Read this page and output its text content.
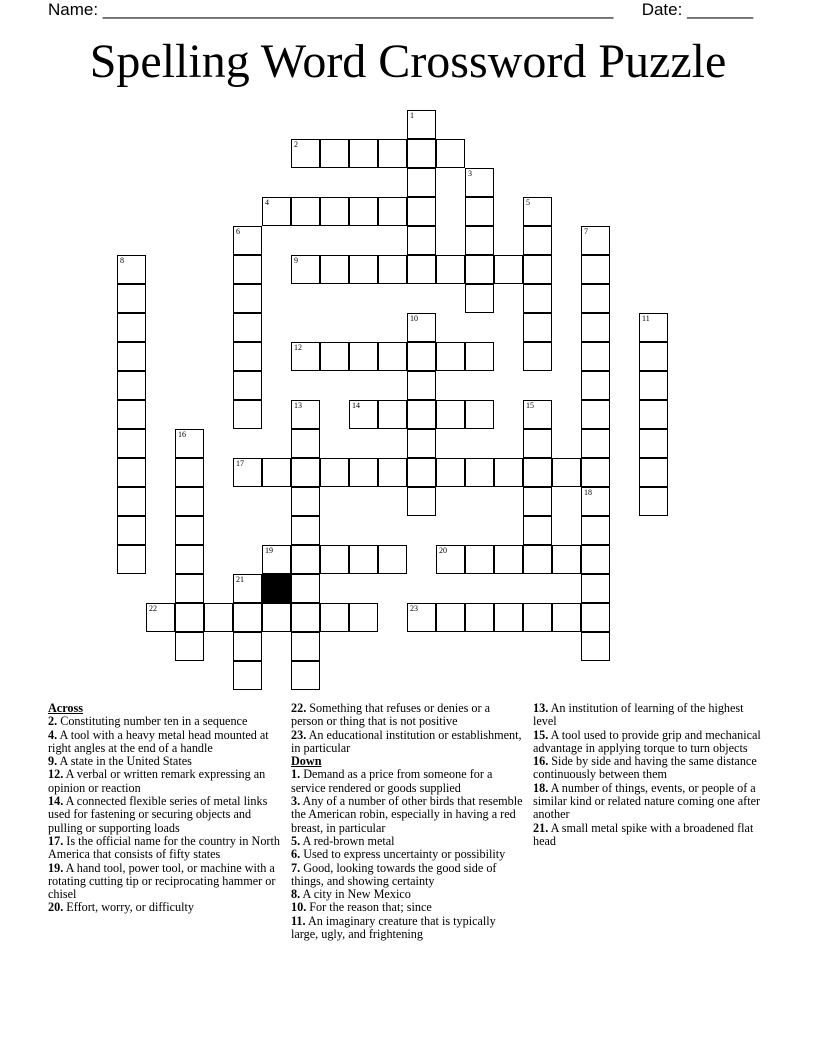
Name: ______________________________________________________ Date: _______
Spelling Word Crossword Puzzle
1
2
3
4	5
6	7
8	9
10	11
12
13	14	15
16
17
18
19	20
21
22	23
Across
2. Constituting number ten in a sequence
4. A tool with a heavy metal head mounted at right angles at the end of a handle
9. A state in the United States
12. A verbal or written remark expressing an opinion or reaction
14. A connected flexible series of metal links used for fastening or securing objects and pulling or supporting loads
17. Is the official name for the country in North America that consists of fifty states
19. A hand tool, power tool, or machine with a rotating cutting tip or reciprocating hammer or chisel
20. Effort, worry, or difficulty
22. Something that refuses or denies or a person or thing that is not positive
23. An educational institution or establishment, in particular
Down
1. Demand as a price from someone for a service rendered or goods supplied
3. Any of a number of other birds that resemble the American robin, especially in having a red breast, in particular
5. A red-brown metal
6. Used to express uncertainty or possibility
7. Good, looking towards the good side of things, and showing certainty
8. A city in New Mexico
10. For the reason that; since
11. An imaginary creature that is typically large, ugly, and frightening
13. An institution of learning of the highest level
15. A tool used to provide grip and mechanical advantage in applying torque to turn objects
16. Side by side and having the same distance continuously between them
18. A number of things, events, or people of a similar kind or related nature coming one after another
21. A small metal spike with a broadened flat head
